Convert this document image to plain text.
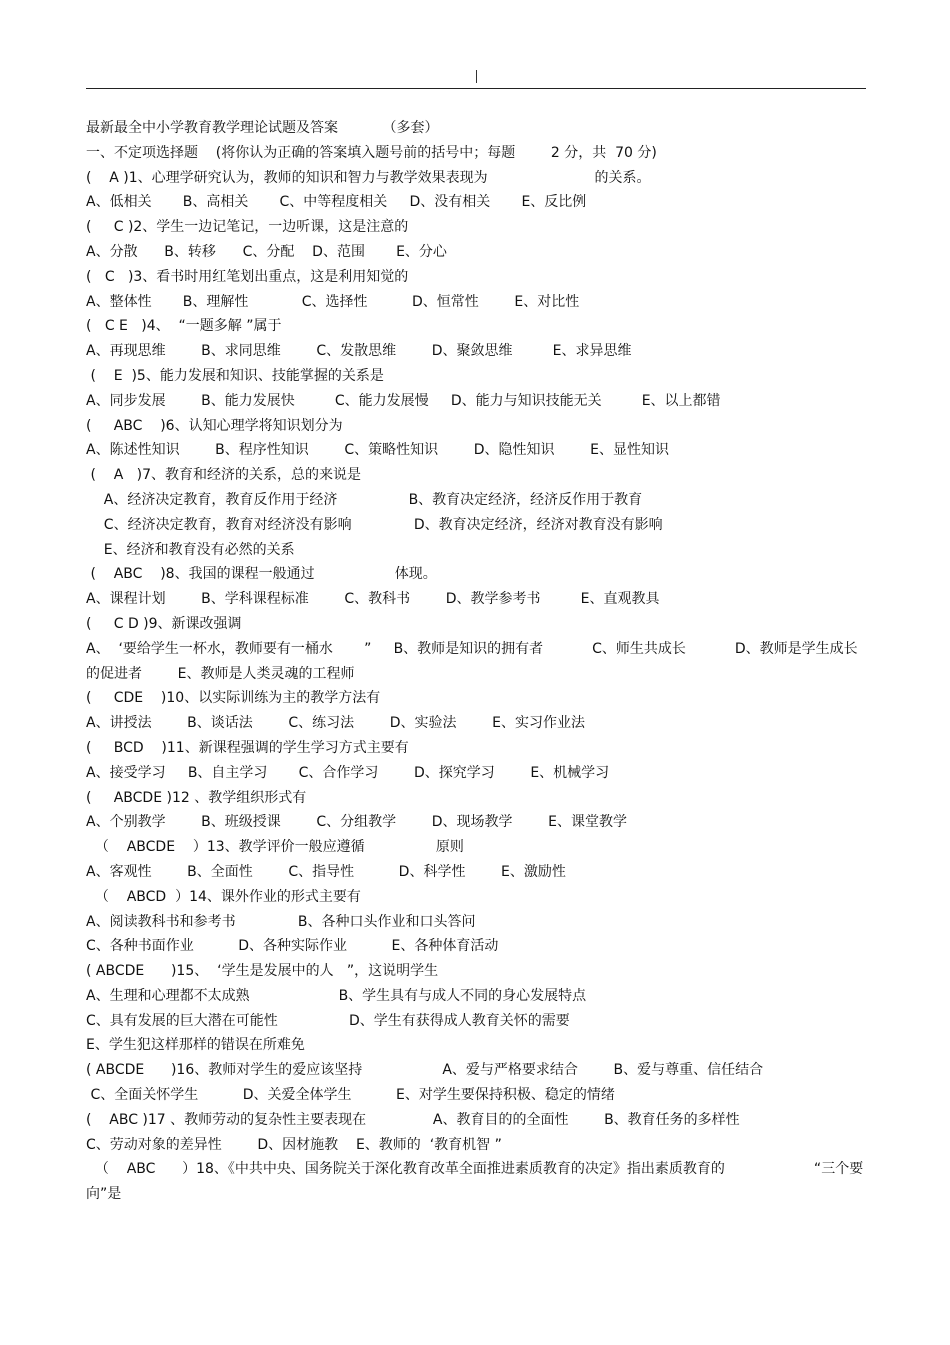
最新最全中小学教育教学理论试题及答案          （多套）
一、不定项选择题    (将你认为正确的答案填入题号前的括号中；每题        2 分，共  70 分)
(    A )1、心理学研究认为，教师的知识和智力与教学效果表现为                        的关系。
A、低相关       B、高相关       C、中等程度相关     D、没有相关       E、反比例
(     C )2、学生一边记笔记，一边听课，这是注意的
A、分散      B、转移      C、分配    D、范围       E、分心
(   C   )3、看书时用红笔划出重点，这是利用知觉的
A、整体性       B、理解性            C、选择性          D、恒常性        E、对比性
(   C E   )4、  “一题多解 ”属于
A、再现思维        B、求同思维        C、发散思维        D、聚敛思维         E、求异思维
(    E  )5、能力发展和知识、技能掌握的关系是
A、同步发展        B、能力发展快         C、能力发展慢     D、能力与知识技能无关         E、以上都错
(     ABC    )6、认知心理学将知识划分为
A、陈述性知识        B、程序性知识        C、策略性知识        D、隐性知识        E、显性知识
(    A   )7、教育和经济的关系，总的来说是
A、经济决定教育，教育反作用于经济                B、教育决定经济，经济反作用于教育
C、经济决定教育，教育对经济没有影响              D、教育决定经济，经济对教育没有影响
E、经济和教育没有必然的关系
(    ABC    )8、我国的课程一般通过                  体现。
A、课程计划        B、学科课程标准        C、教科书        D、教学参考书         E、直观教具
(     C D )9、新课改强调
A、  ‘要给学生一杯水，教师要有一桶水       ”     B、教师是知识的拥有者           C、师生共成长           D、教师是学生成长的促进者        E、教师是人类灵魂的工程师
(     CDE    )10、以实际训练为主的教学方法有
A、讲授法        B、谈话法        C、练习法        D、实验法        E、实习作业法
(     BCD    )11、新课程强调的学生学习方式主要有
A、接受学习     B、自主学习       C、合作学习        D、探究学习        E、机械学习
(     ABCDE )12 、教学组织形式有
A、个别教学        B、班级授课        C、分组教学        D、现场教学        E、课堂教学
（    ABCDE    ）13、教学评价一般应遵循                原则
A、客观性        B、全面性        C、指导性          D、科学性        E、激励性
（    ABCD  ）14、课外作业的形式主要有
A、阅读教科书和参考书              B、各种口头作业和口头答问
C、各种书面作业          D、各种实际作业          E、各种体育活动
( ABCDE      )15、  ‘学生是发展中的人   ”，这说明学生
A、生理和心理都不太成熟                    B、学生具有与成人不同的身心发展特点
C、具有发展的巨大潜在可能性                D、学生有获得成人教育关怀的需要
E、学生犯这样那样的错误在所难免
( ABCDE      )16、教师对学生的爱应该坚持                  A、爱与严格要求结合        B、爱与尊重、信任结合
C、全面关怀学生          D、关爱全体学生          E、对学生要保持积极、稳定的情绪
(    ABC )17 、教师劳动的复杂性主要表现在               A、教育目的的全面性        B、教育任务的多样性
C、劳动对象的差异性        D、因材施教    E、教师的  ‘教育机智 ”
（    ABC      ）18、《中共中央、国务院关于深化教育改革全面推进素质教育的决定》指出素质教育的                    “三个要向”是
